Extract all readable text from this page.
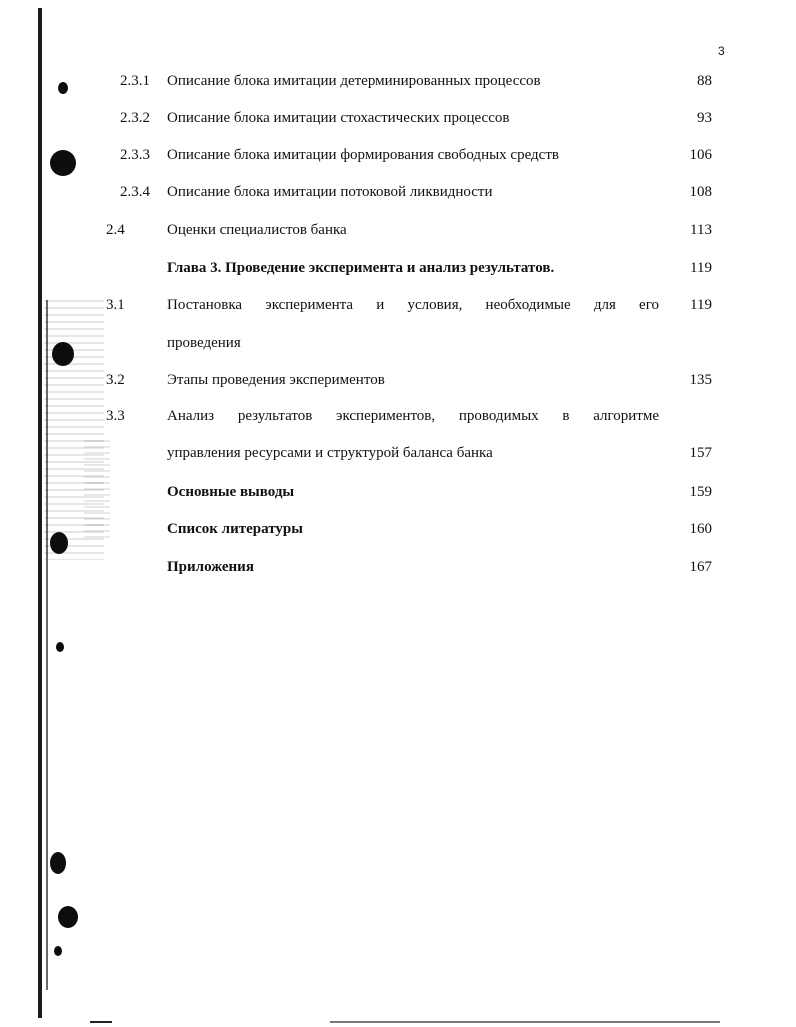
3
2.3.1 Описание блока имитации детерминированных процессов	88
2.3.2 Описание блока имитации стохастических процессов	93
2.3.3 Описание блока имитации формирования свободных средств	106
2.3.4 Описание блока имитации потоковой ликвидности	108
2.4	Оценки специалистов банка	113
Глава 3. Проведение эксперимента и анализ результатов.	119
3.1	Постановка эксперимента и условия, необходимые для его 119
проведения
3.2	Этапы проведения экспериментов	135
3.3	Анализ результатов экспериментов, проводимых в алгоритме
управления ресурсами и структурой баланса банка	157
Основные выводы	159
Список литературы	160
Приложения	167
